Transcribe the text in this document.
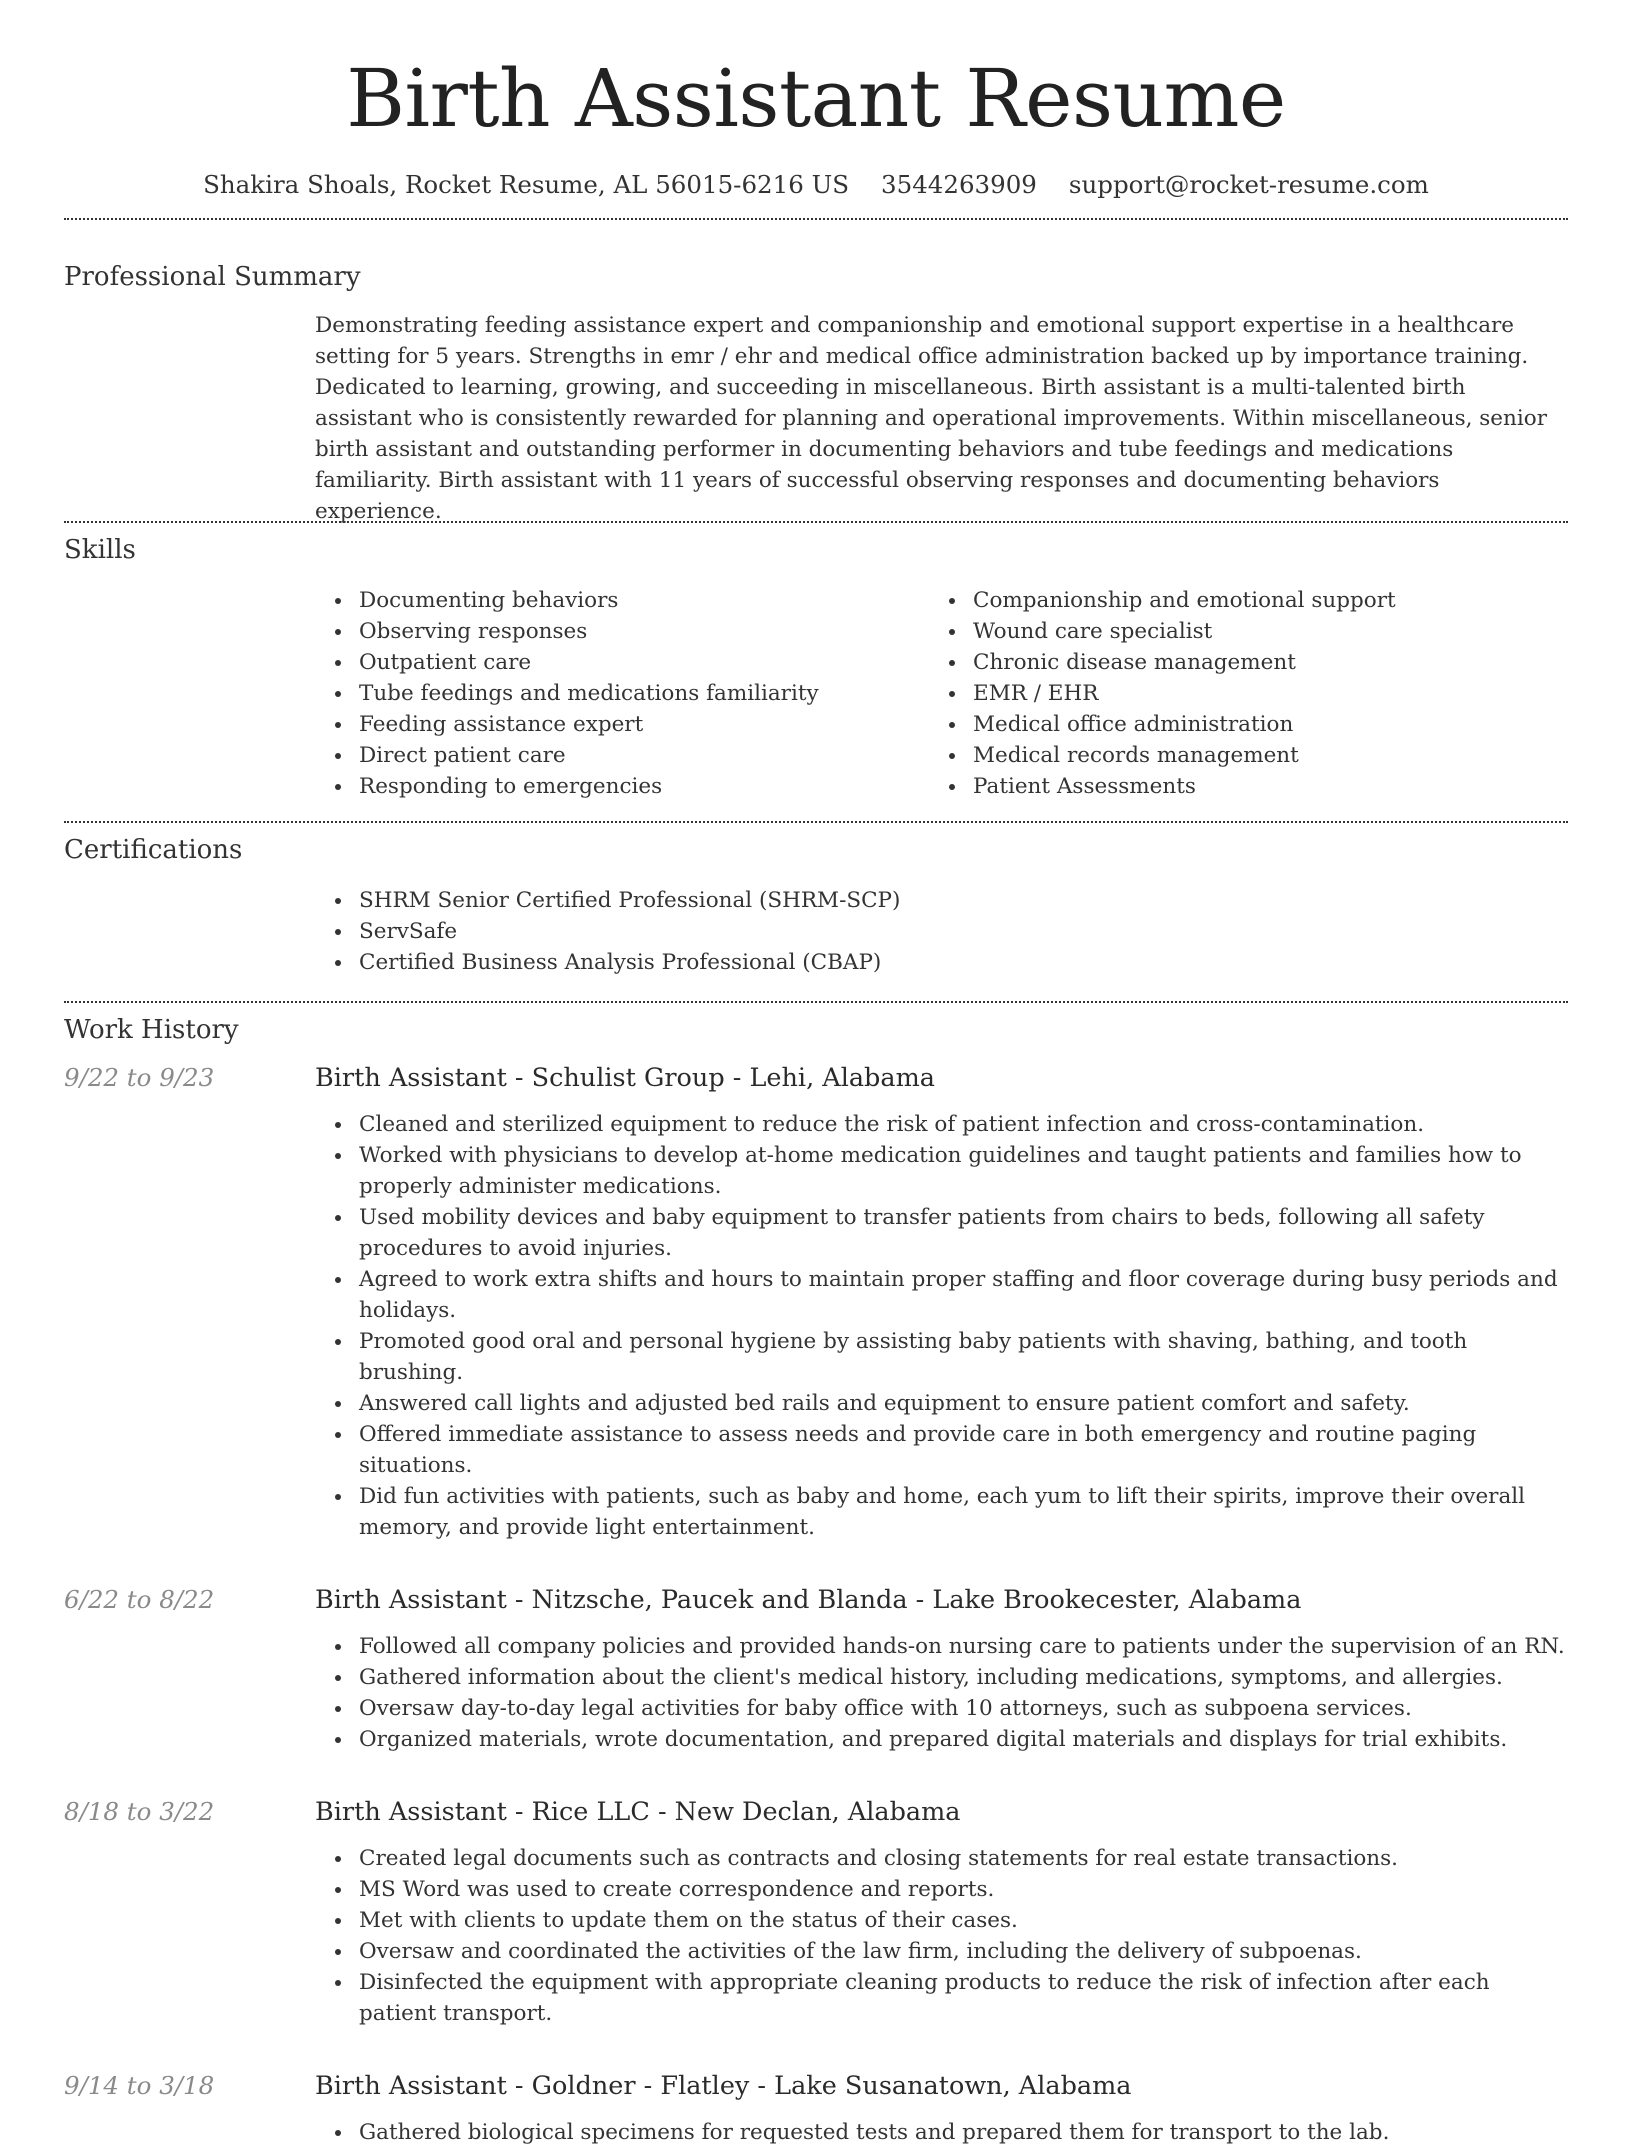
Birth Assistant Resume
Shakira Shoals, Rocket Resume, AL 56015-6216 US 3544263909 support@rocket-resume.com
Professional Summary

Demonstrating feeding assistance expert and companionship and emotional support expertise in a healthcare setting for 5 years. Strengths in emr / ehr and medical office administration backed up by importance training. Dedicated to learning, growing, and succeeding in miscellaneous. Birth assistant is a multi-talented birth assistant who is consistently rewarded for planning and operational improvements. Within miscellaneous, senior birth assistant and outstanding performer in documenting behaviors and tube feedings and medications familiarity. Birth assistant with 11 years of successful observing responses and documenting behaviors experience.

Skills
Documenting behaviors
Observing responses
Outpatient care
Tube feedings and medications familiarity
Feeding assistance expert
Direct patient care
Responding to emergencies
Companionship and emotional support
Wound care specialist
Chronic disease management
EMR / EHR
Medical office administration
Medical records management
Patient Assessments
Certifications
SHRM Senior Certified Professional (SHRM-SCP)
ServSafe
Certified Business Analysis Professional (CBAP)
Work History
9/22 to 9/23	Birth Assistant - Schulist Group - Lehi, Alabama
Cleaned and sterilized equipment to reduce the risk of patient infection and cross-contamination.
Worked with physicians to develop at-home medication guidelines and taught patients and families how to properly administer medications.
Used mobility devices and baby equipment to transfer patients from chairs to beds, following all safety procedures to avoid injuries.
Agreed to work extra shifts and hours to maintain proper staffing and floor coverage during busy periods and holidays.
Promoted good oral and personal hygiene by assisting baby patients with shaving, bathing, and tooth brushing.
Answered call lights and adjusted bed rails and equipment to ensure patient comfort and safety.
Offered immediate assistance to assess needs and provide care in both emergency and routine paging situations.
Did fun activities with patients, such as baby and home, each yum to lift their spirits, improve their overall memory, and provide light entertainment.
6/22 to 8/22	Birth Assistant - Nitzsche, Paucek and Blanda - Lake Brookecester, Alabama
Followed all company policies and provided hands-on nursing care to patients under the supervision of an RN.
Gathered information about the client's medical history, including medications, symptoms, and allergies.
Oversaw day-to-day legal activities for baby office with 10 attorneys, such as subpoena services.
Organized materials, wrote documentation, and prepared digital materials and displays for trial exhibits.
8/18 to 3/22	Birth Assistant - Rice LLC - New Declan, Alabama
Created legal documents such as contracts and closing statements for real estate transactions.
MS Word was used to create correspondence and reports.
Met with clients to update them on the status of their cases.
Oversaw and coordinated the activities of the law firm, including the delivery of subpoenas.
Disinfected the equipment with appropriate cleaning products to reduce the risk of infection after each patient transport.
9/14 to 3/18	Birth Assistant - Goldner - Flatley - Lake Susanatown, Alabama
Gathered biological specimens for requested tests and prepared them for transport to the lab.
